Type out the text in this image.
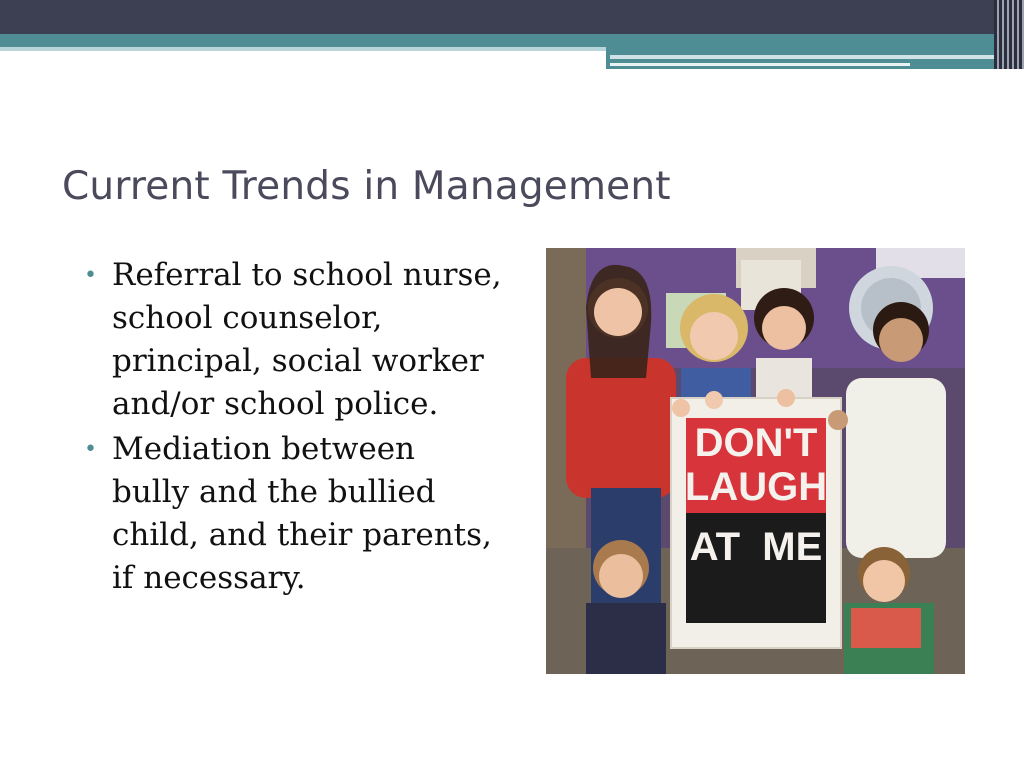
Current Trends in Management
• Referral to school nurse, school counselor, principal, social worker and/or school police.
• Mediation between bully and the bullied child, and their parents, if necessary.
DON'T
LAUGH
AT  ME
